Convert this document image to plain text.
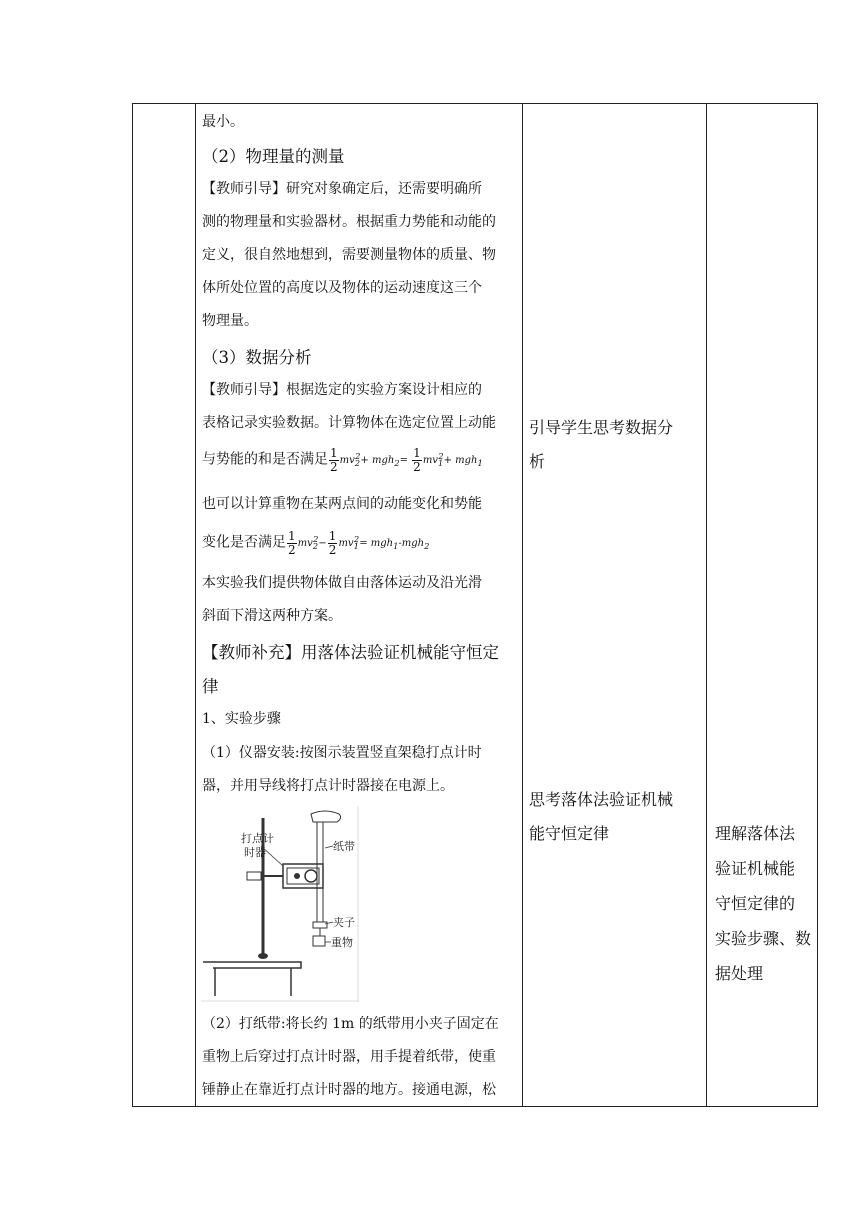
最小。
（2）物理量的测量
【教师引导】研究对象确定后，还需要明确所
测的物理量和实验器材。根据重力势能和动能的
定义，很自然地想到，需要测量物体的质量、物
体所处位置的高度以及物体的运动速度这三个
物理量。
（3）数据分析
【教师引导】根据选定的实验方案设计相应的
表格记录实验数据。计算物体在选定位置上动能
与势能的和是否满足 $\frac{1}{2} mv_2^2+ mgh_2= \frac{1}{2} mv_1^2+ mgh_1$
也可以计算重物在某两点间的动能变化和势能
变化是否满足 $\frac{1}{2} mv_2^2- \frac{1}{2} mv_1^2= mgh_1-mgh_2$
本实验我们提供物体做自由落体运动及沿光滑
斜面下滑这两种方案。
【教师补充】用落体法验证机械能守恒定
律
1、实验步骤
（1）仪器安装:按图示装置竖直架稳打点计时
器，并用导线将打点计时器接在电源上。
打点计
时器	纸带
夹子
重物
（2）打纸带:将长约 1m 的纸带用小夹子固定在
重物上后穿过打点计时器，用手提着纸带，使重
锤静止在靠近打点计时器的地方。接通电源，松
引导学生思考数据分
析
思考落体法验证机械
能守恒定律	理解落体法
验证机械能
守恒定律的
实验步骤、数
据处理
